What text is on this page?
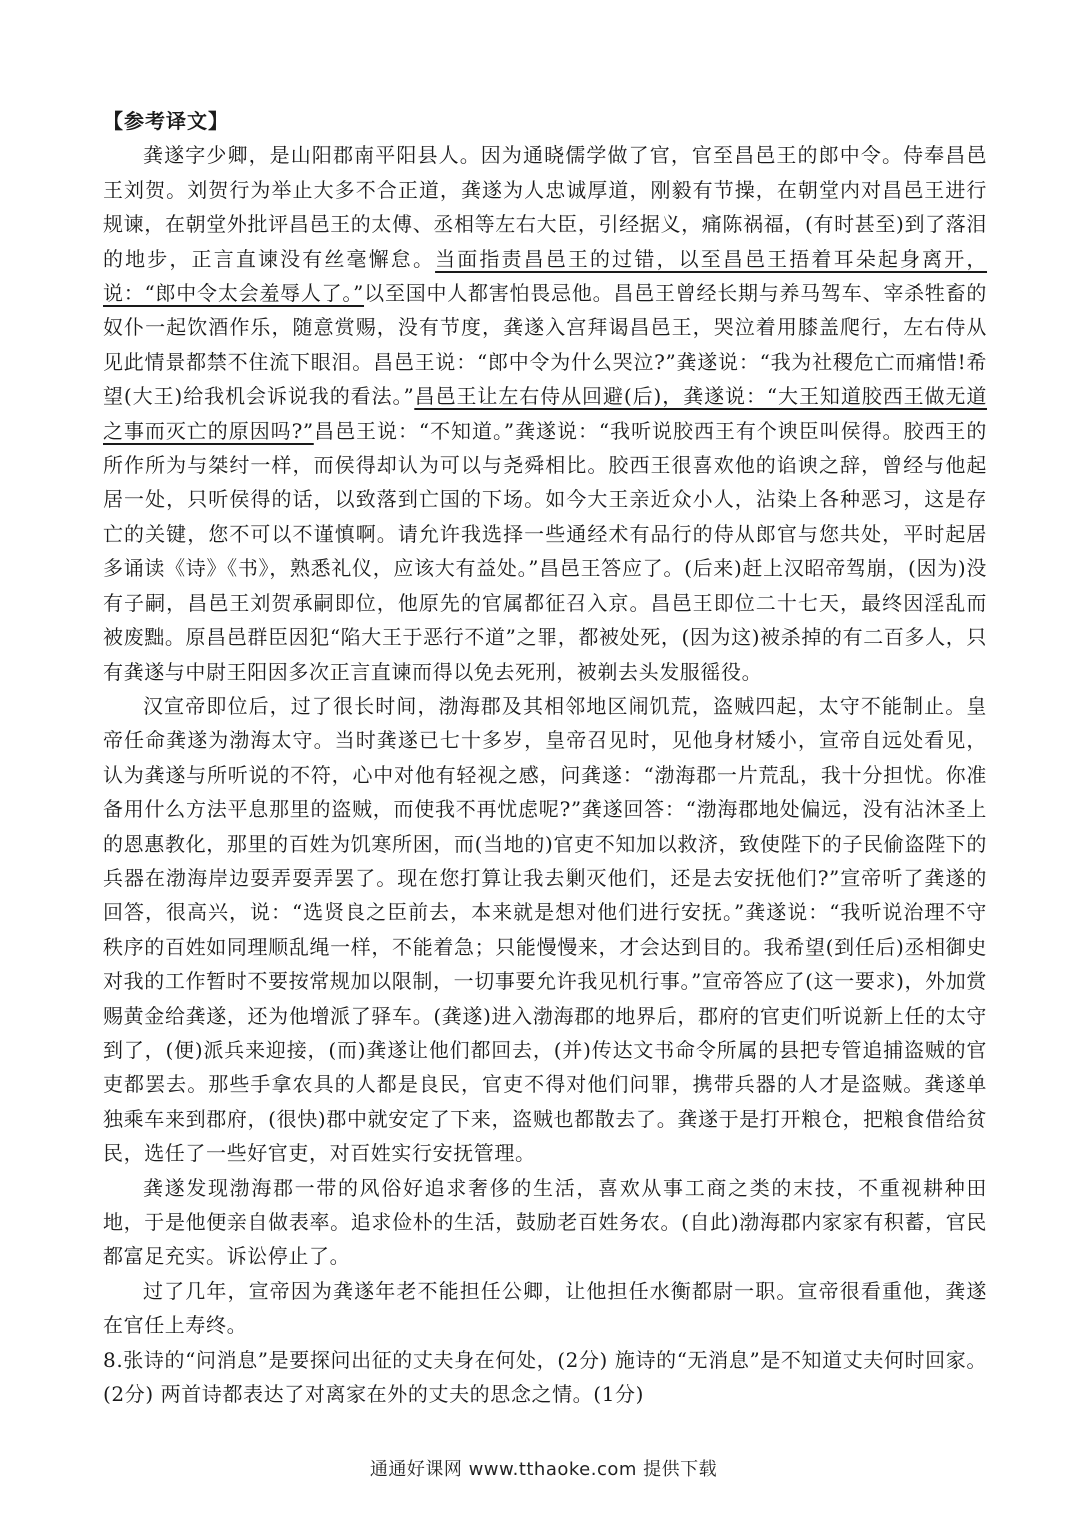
【参考译文】

龚遂字少卿，是山阳郡南平阳县人。因为通晓儒学做了官，官至昌邑王的郎中令。侍奉昌邑王刘贺。刘贺行为举止大多不合正道，龚遂为人忠诚厚道，刚毅有节操，在朝堂内对昌邑王进行规谏，在朝堂外批评昌邑王的太傅、丞相等左右大臣，引经据义，痛陈祸福，(有时甚至)到了落泪的地步，正言直谏没有丝毫懈怠。当面指责昌邑王的过错，以至昌邑王捂着耳朵起身离开，说：“郎中令太会羞辱人了。”以至国中人都害怕畏忌他。昌邑王曾经长期与养马驾车、宰杀牲畜的奴仆一起饮酒作乐，随意赏赐，没有节度，龚遂入宫拜谒昌邑王，哭泣着用膝盖爬行，左右侍从见此情景都禁不住流下眼泪。昌邑王说：“郎中令为什么哭泣?”龚遂说：“我为社稷危亡而痛惜!希望(大王)给我机会诉说我的看法。”昌邑王让左右侍从回避(后)，龚遂说：“大王知道胶西王做无道之事而灭亡的原因吗?”昌邑王说：“不知道。”龚遂说：“我听说胶西王有个谀臣叫侯得。胶西王的所作所为与桀纣一样，而侯得却认为可以与尧舜相比。胶西王很喜欢他的谄谀之辞，曾经与他起居一处，只听侯得的话，以致落到亡国的下场。如今大王亲近众小人，沾染上各种恶习，这是存亡的关键，您不可以不谨慎啊。请允许我选择一些通经术有品行的侍从郎官与您共处，平时起居多诵读《诗》《书》，熟悉礼仪，应该大有益处。”昌邑王答应了。(后来)赶上汉昭帝驾崩，(因为)没有子嗣，昌邑王刘贺承嗣即位，他原先的官属都征召入京。昌邑王即位二十七天，最终因淫乱而被废黜。原昌邑群臣因犯“陷大王于恶行不道”之罪，都被处死，(因为这)被杀掉的有二百多人，只有龚遂与中尉王阳因多次正言直谏而得以免去死刑，被剃去头发服徭役。

汉宣帝即位后，过了很长时间，渤海郡及其相邻地区闹饥荒，盗贼四起，太守不能制止。皇帝任命龚遂为渤海太守。当时龚遂已七十多岁，皇帝召见时，见他身材矮小，宣帝自远处看见，认为龚遂与所听说的不符，心中对他有轻视之感，问龚遂：“渤海郡一片荒乱，我十分担忧。你准备用什么方法平息那里的盗贼，而使我不再忧虑呢?”龚遂回答：“渤海郡地处偏远，没有沾沐圣上的恩惠教化，那里的百姓为饥寒所困，而(当地的)官吏不知加以救济，致使陛下的子民偷盗陛下的兵器在渤海岸边耍弄耍弄罢了。现在您打算让我去剿灭他们，还是去安抚他们?”宣帝听了龚遂的回答，很高兴，说：“选贤良之臣前去，本来就是想对他们进行安抚。”龚遂说：“我听说治理不守秩序的百姓如同理顺乱绳一样，不能着急；只能慢慢来，才会达到目的。我希望(到任后)丞相御史对我的工作暂时不要按常规加以限制，一切事要允许我见机行事。”宣帝答应了(这一要求)，外加赏赐黄金给龚遂，还为他增派了驿车。(龚遂)进入渤海郡的地界后，郡府的官吏们听说新上任的太守到了，(便)派兵来迎接，(而)龚遂让他们都回去，(并)传达文书命令所属的县把专管追捕盗贼的官吏都罢去。那些手拿农具的人都是良民，官吏不得对他们问罪，携带兵器的人才是盗贼。龚遂单独乘车来到郡府，(很快)郡中就安定了下来，盗贼也都散去了。龚遂于是打开粮仓，把粮食借给贫民，选任了一些好官吏，对百姓实行安抚管理。

龚遂发现渤海郡一带的风俗好追求奢侈的生活，喜欢从事工商之类的末技，不重视耕种田地，于是他便亲自做表率。追求俭朴的生活，鼓励老百姓务农。(自此)渤海郡内家家有积蓄，官民都富足充实。诉讼停止了。

过了几年，宣帝因为龚遂年老不能担任公卿，让他担任水衡都尉一职。宣帝很看重他，龚遂在官任上寿终。

8.张诗的“问消息”是要探问出征的丈夫身在何处，(2分) 施诗的“无消息”是不知道丈夫何时回家。(2分) 两首诗都表达了对离家在外的丈夫的思念之情。(1分)

通通好课网 www.tthaoke.com 提供下载
